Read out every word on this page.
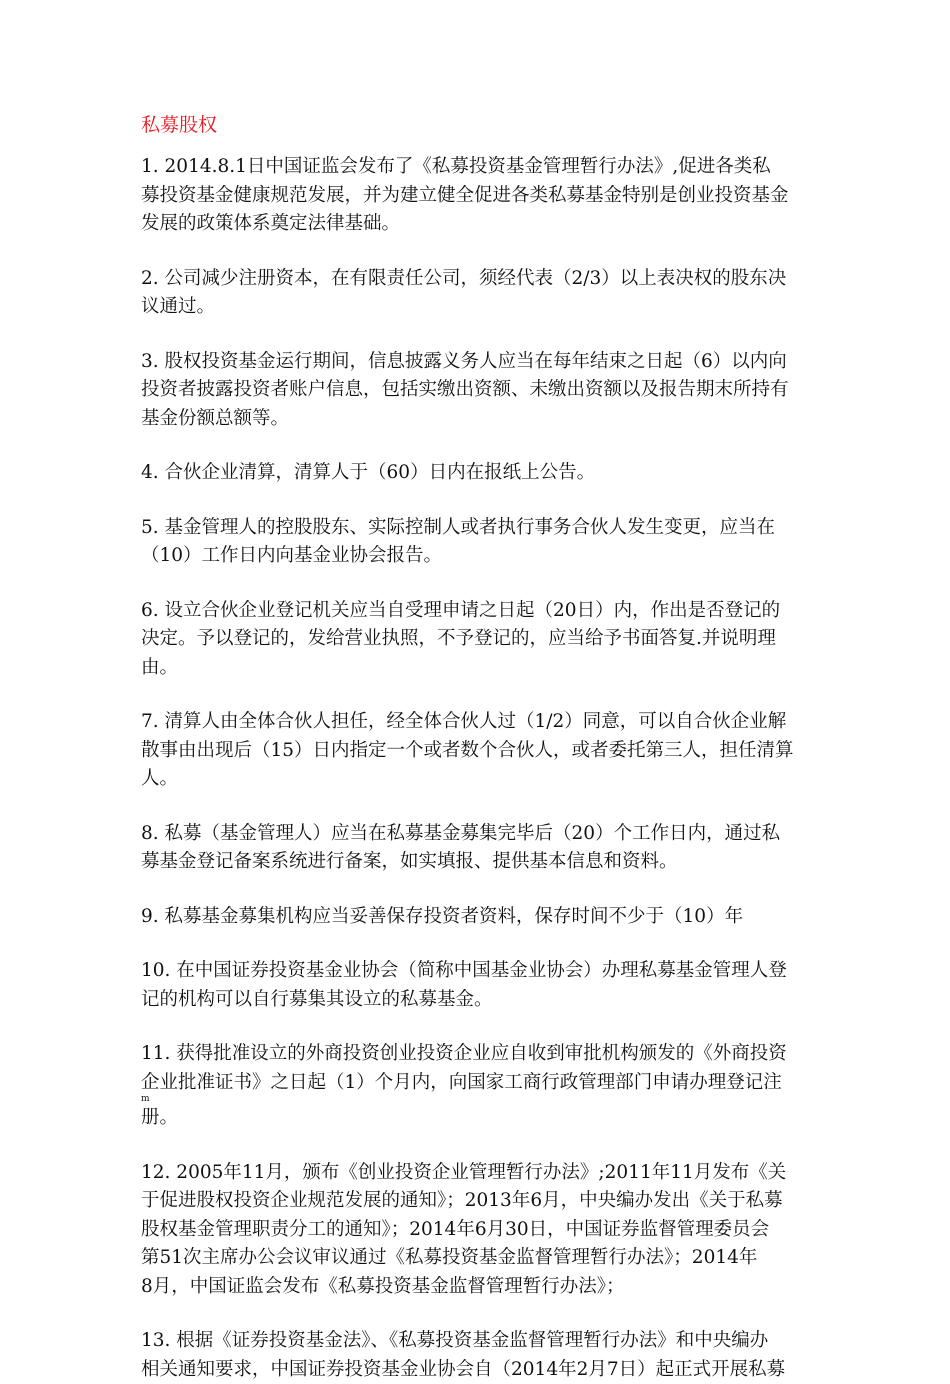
私募股权
1. 2014.8.1日中国证监会发布了《私募投资基金管理暂行办法》,促进各类私
募投资基金健康规范发展，并为建立健全促进各类私募基金特别是创业投资基金
发展的政策体系奠定法律基础。
2. 公司减少注册资本，在有限责任公司，须经代表（2/3）以上表决权的股东决
议通过。
3. 股权投资基金运行期间，信息披露义务人应当在每年结束之日起（6）以内向
投资者披露投资者账户信息，包括实缴出资额、未缴出资额以及报告期末所持有
基金份额总额等。
4. 合伙企业清算，清算人于（60）日内在报纸上公告。
5. 基金管理人的控股股东、实际控制人或者执行事务合伙人发生变更，应当在
（10）工作日内向基金业协会报告。
6. 设立合伙企业登记机关应当自受理申请之日起（20日）内，作出是否登记的
决定。予以登记的，发给营业执照，不予登记的，应当给予书面答复.并说明理
由。
7. 清算人由全体合伙人担任，经全体合伙人过（1/2）同意，可以自合伙企业解
散事由出现后（15）日内指定一个或者数个合伙人，或者委托第三人，担任清算
人。
8. 私募（基金管理人）应当在私募基金募集完毕后（20）个工作日内，通过私
募基金登记备案系统进行备案，如实填报、提供基本信息和资料。
9. 私募基金募集机构应当妥善保存投资者资料，保存时间不少于（10）年
10. 在中国证券投资基金业协会（简称中国基金业协会）办理私募基金管理人登
记的机构可以自行募集其设立的私募基金。
11. 获得批准设立的外商投资创业投资企业应自收到审批机构颁发的《外商投资
企业批准证书》之日起（1）个月内，向国家工商行政管理部门申请办理登记注
m
册。
12. 2005年11月，颁布《创业投资企业管理暂行办法》;2011年11月发布《关
于促进股权投资企业规范发展的通知》；2013年6月，中央编办发出《关于私募
股权基金管理职责分工的通知》；2014年6月30日，中国证券监督管理委员会
第51次主席办公会议审议通过《私募投资基金监督管理暂行办法》；2014年
8月，中国证监会发布《私募投资基金监督管理暂行办法》；
13. 根据《证券投资基金法》、《私募投资基金监督管理暂行办法》和中央编办
相关通知要求，中国证券投资基金业协会自（2014年2月7日）起正式开展私募
